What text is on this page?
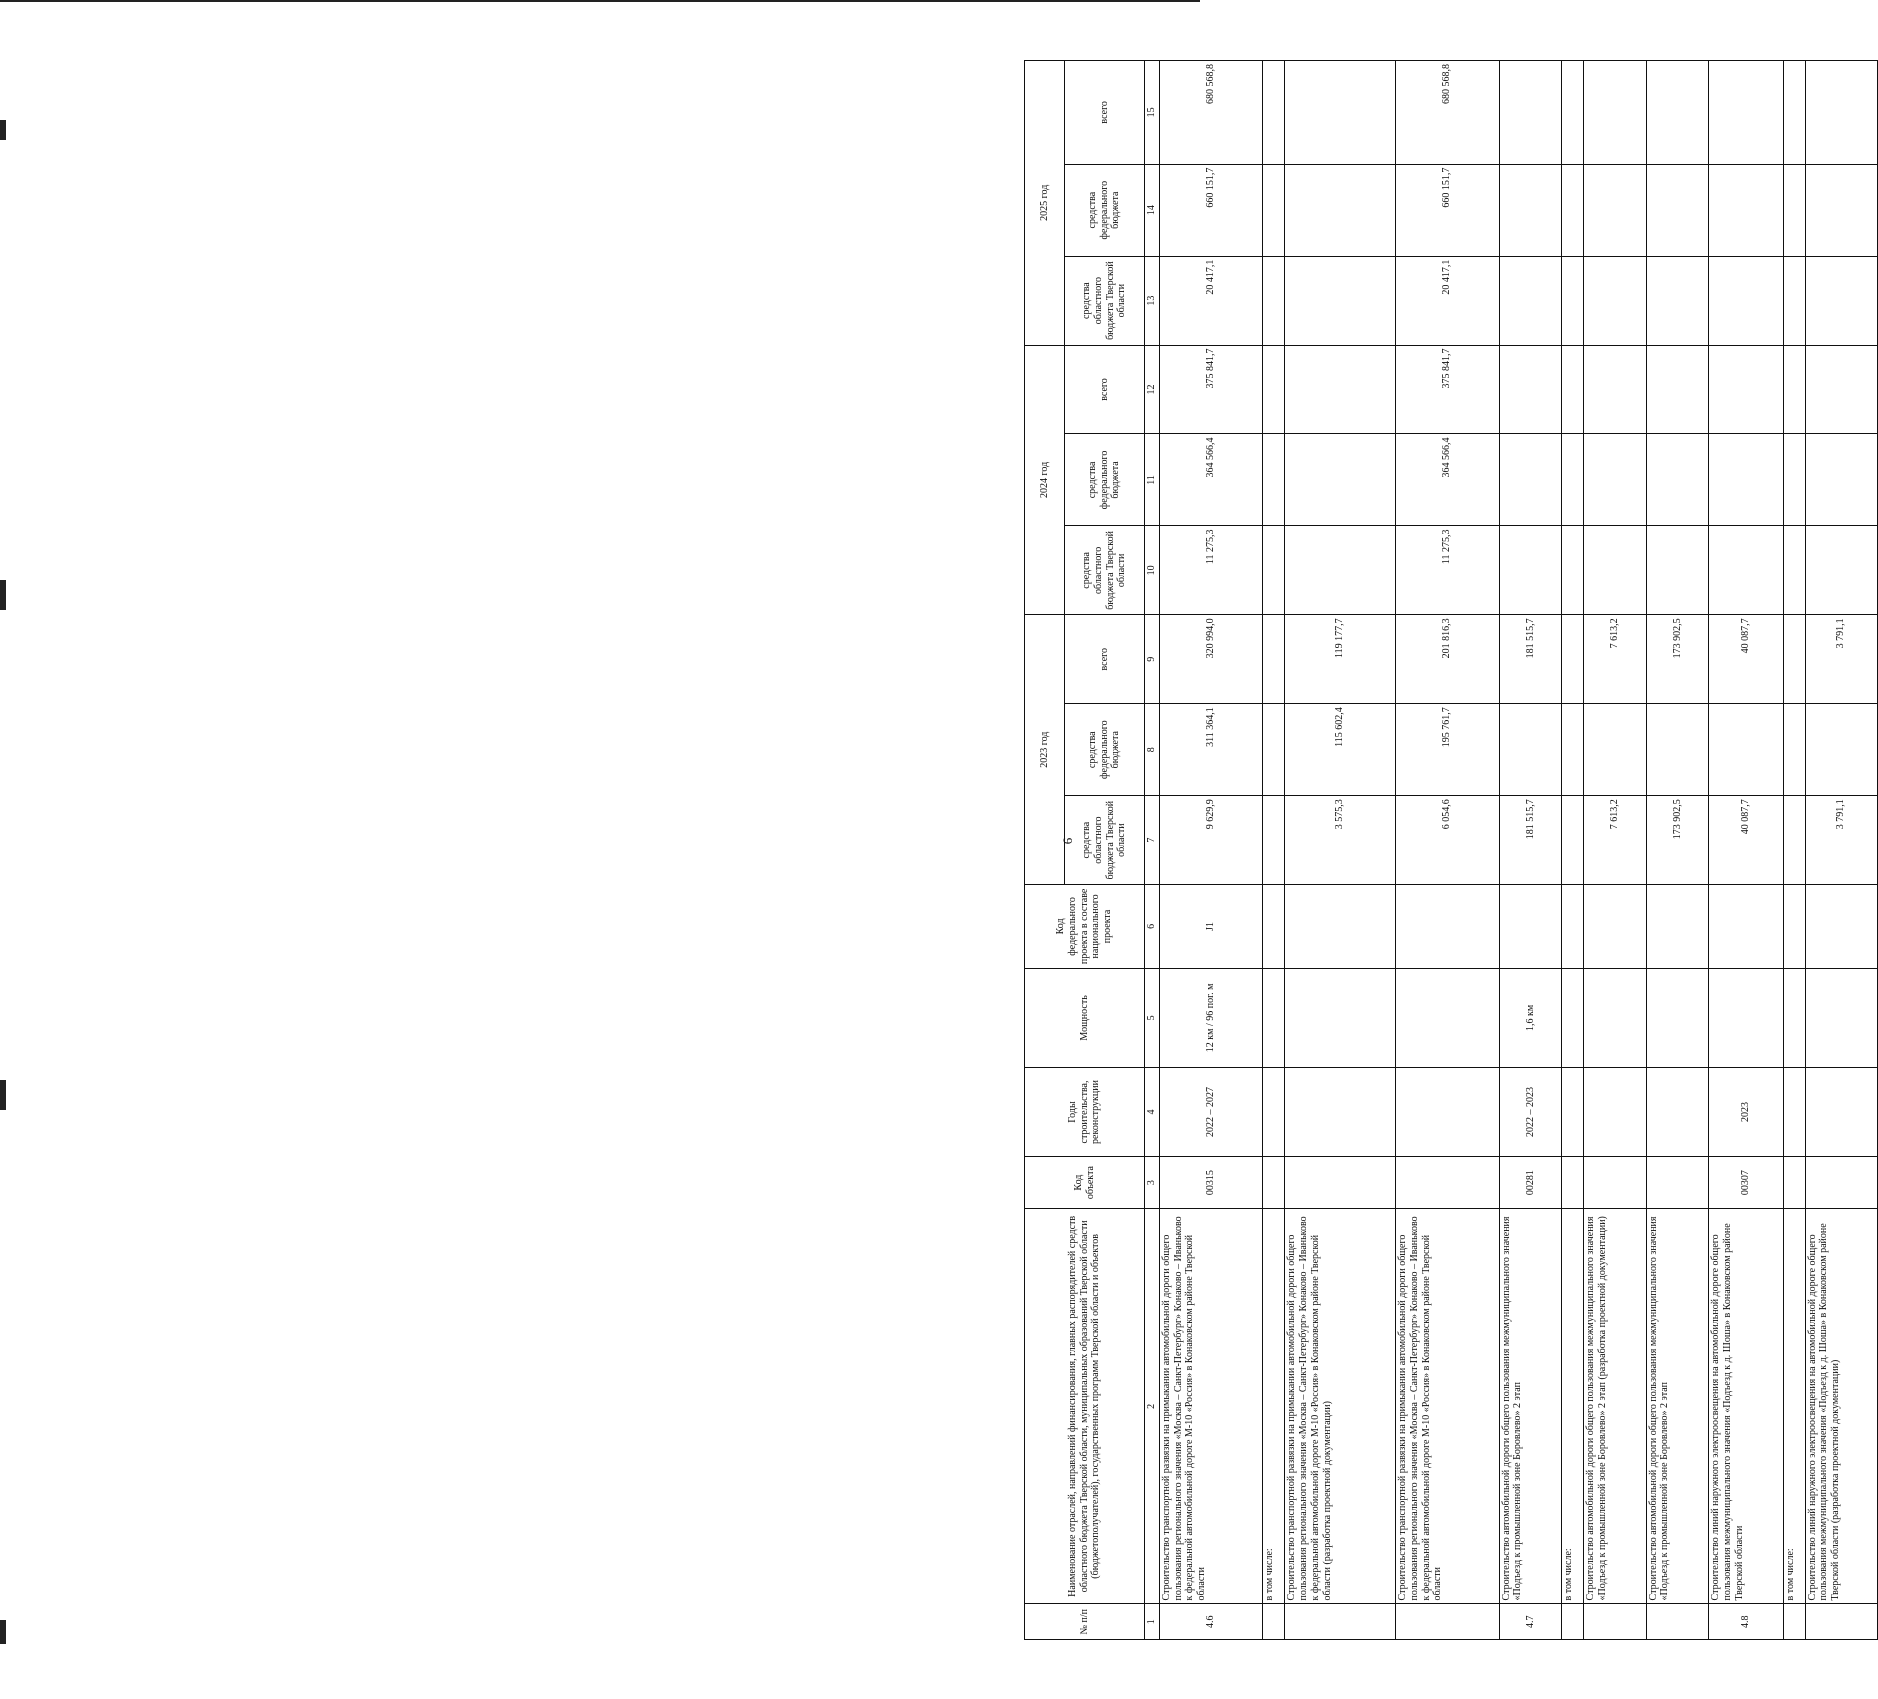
6
№ п/п	Наименование отраслей, направлений финансирования, главных распорядителей средств областного бюджета Тверской области, муниципальных образований Тверской области (бюджетополучателей), государственных программ Тверской области и объектов	Код объекта	Годы строительства, реконструкции	Мощность	Код федерального проекта в составе национального проекта	2023 год			2024 год			2025 год		
						средства областного бюджета Тверской области	средства федерального бюджета	всего	средства областного бюджета Тверской области	средства федерального бюджета	всего	средства областного бюджета Тверской области	средства федерального бюджета	всего
1	2	3	4	5	6	7	8	9	10	11	12	13	14	15
4.6	Строительство транспортной развязки на примыкании автомобильной дороги общего пользования регионального значения «Москва – Санкт-Петербург» Конаково – Иваньково к федеральной автомобильной дороге М-10 «Россия» в Конаковском районе Тверской области	00315	2022 – 2027	12 км / 96 пог. м	J1	9 629,9	311 364,1	320 994,0	11 275,3	364 566,4	375 841,7	20 417,1	660 151,7	680 568,8
	в том числе:													
	Строительство транспортной развязки на примыкании автомобильной дороги общего пользования регионального значения «Москва – Санкт-Петербург» Конаково – Иваньково к федеральной автомобильной дороге М-10 «Россия» в Конаковском районе Тверской области (разработка проектной документации)					3 575,3	115 602,4	119 177,7						
	Строительство транспортной развязки на примыкании автомобильной дороги общего пользования регионального значения «Москва – Санкт-Петербург» Конаково – Иваньково к федеральной автомобильной дороге М-10 «Россия» в Конаковском районе Тверской области					6 054,6	195 761,7	201 816,3	11 275,3	364 566,4	375 841,7	20 417,1	660 151,7	680 568,8
4.7	Строительство автомобильной дороги общего пользования межмуниципального значения «Подъезд к промышленной зоне Боровлево» 2 этап	00281	2022 – 2023	1,6 км		181 515,7		181 515,7						
	в том числе:													
	Строительство автомобильной дороги общего пользования межмуниципального значения «Подъезд к промышленной зоне Боровлево» 2 этап (разработка проектной документации)					7 613,2		7 613,2						
	Строительство автомобильной дороги общего пользования межмуниципального значения «Подъезд к промышленной зоне Боровлево» 2 этап					173 902,5		173 902,5						
4.8	Строительство линий наружного электроосвещения на автомобильной дороге общего пользования межмуниципального значения «Подъезд к д. Шоша» в Конаковском районе Тверской области	00307	2023			40 087,7		40 087,7						
	в том числе:													
	Строительство линий наружного электроосвещения на автомобильной дороге общего пользования межмуниципального значения «Подъезд к д. Шоша» в Конаковском районе Тверской области (разработка проектной документации)					3 791,1		3 791,1						
